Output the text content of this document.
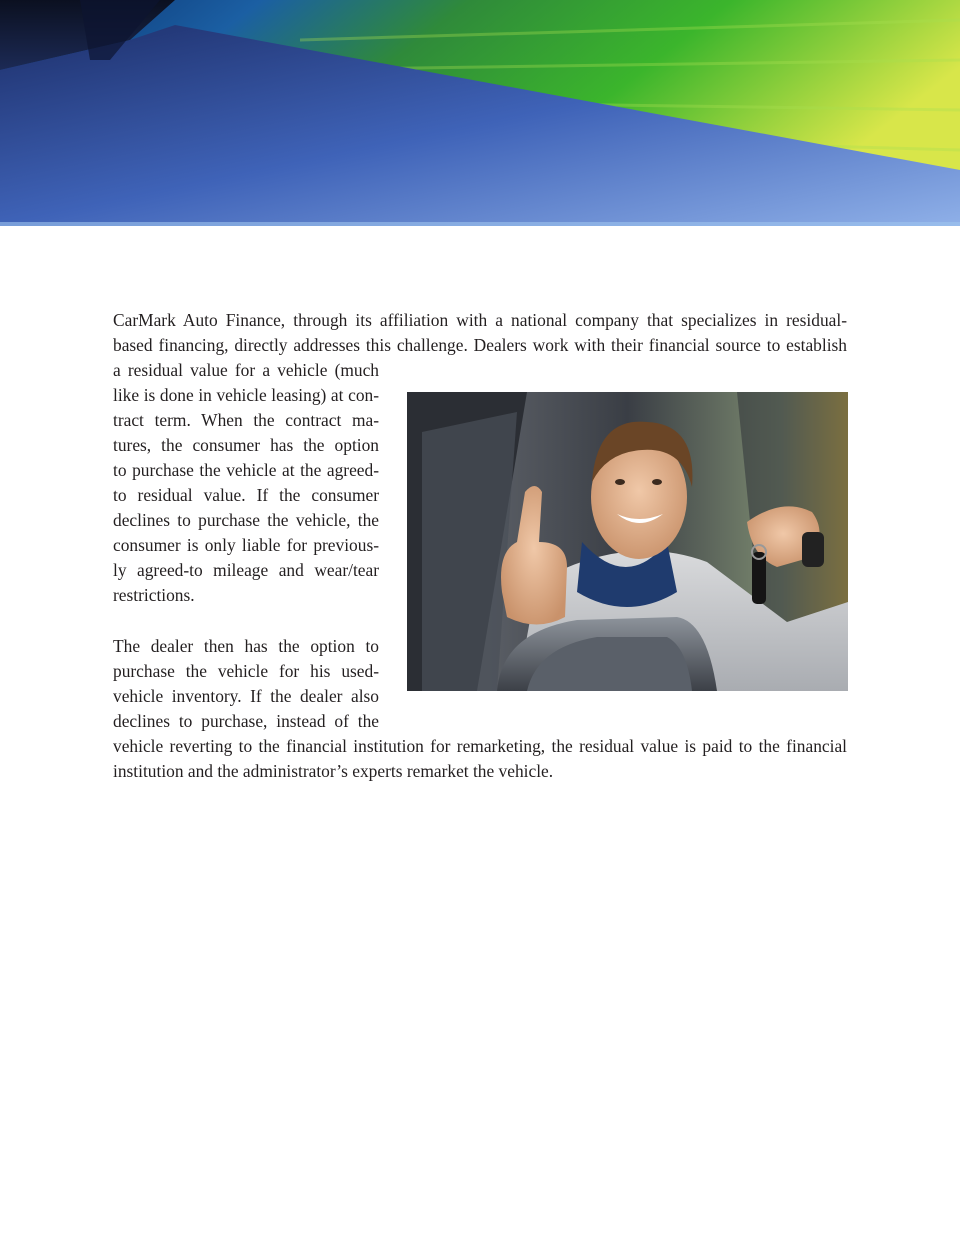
CarMark Auto Finance, through its affiliation with a national company that specializes in residual-
based financing, directly addresses this challenge. Dealers work with their financial source to establish
a residual value for a vehicle (much
like is done in vehicle leasing) at con-
tract term. When the contract ma-
tures, the consumer has the option
to purchase the vehicle at the agreed-
to residual value. If the consumer
declines to purchase the vehicle, the
consumer is only liable for previous-
ly agreed-to mileage and wear/tear
restrictions.
The dealer then has the option to
purchase the vehicle for his used-
vehicle inventory. If the dealer also
declines to purchase, instead of the
vehicle reverting to the financial institution for remarketing, the residual value is paid to the financial
institution and the administrator’s experts remarket the vehicle.
